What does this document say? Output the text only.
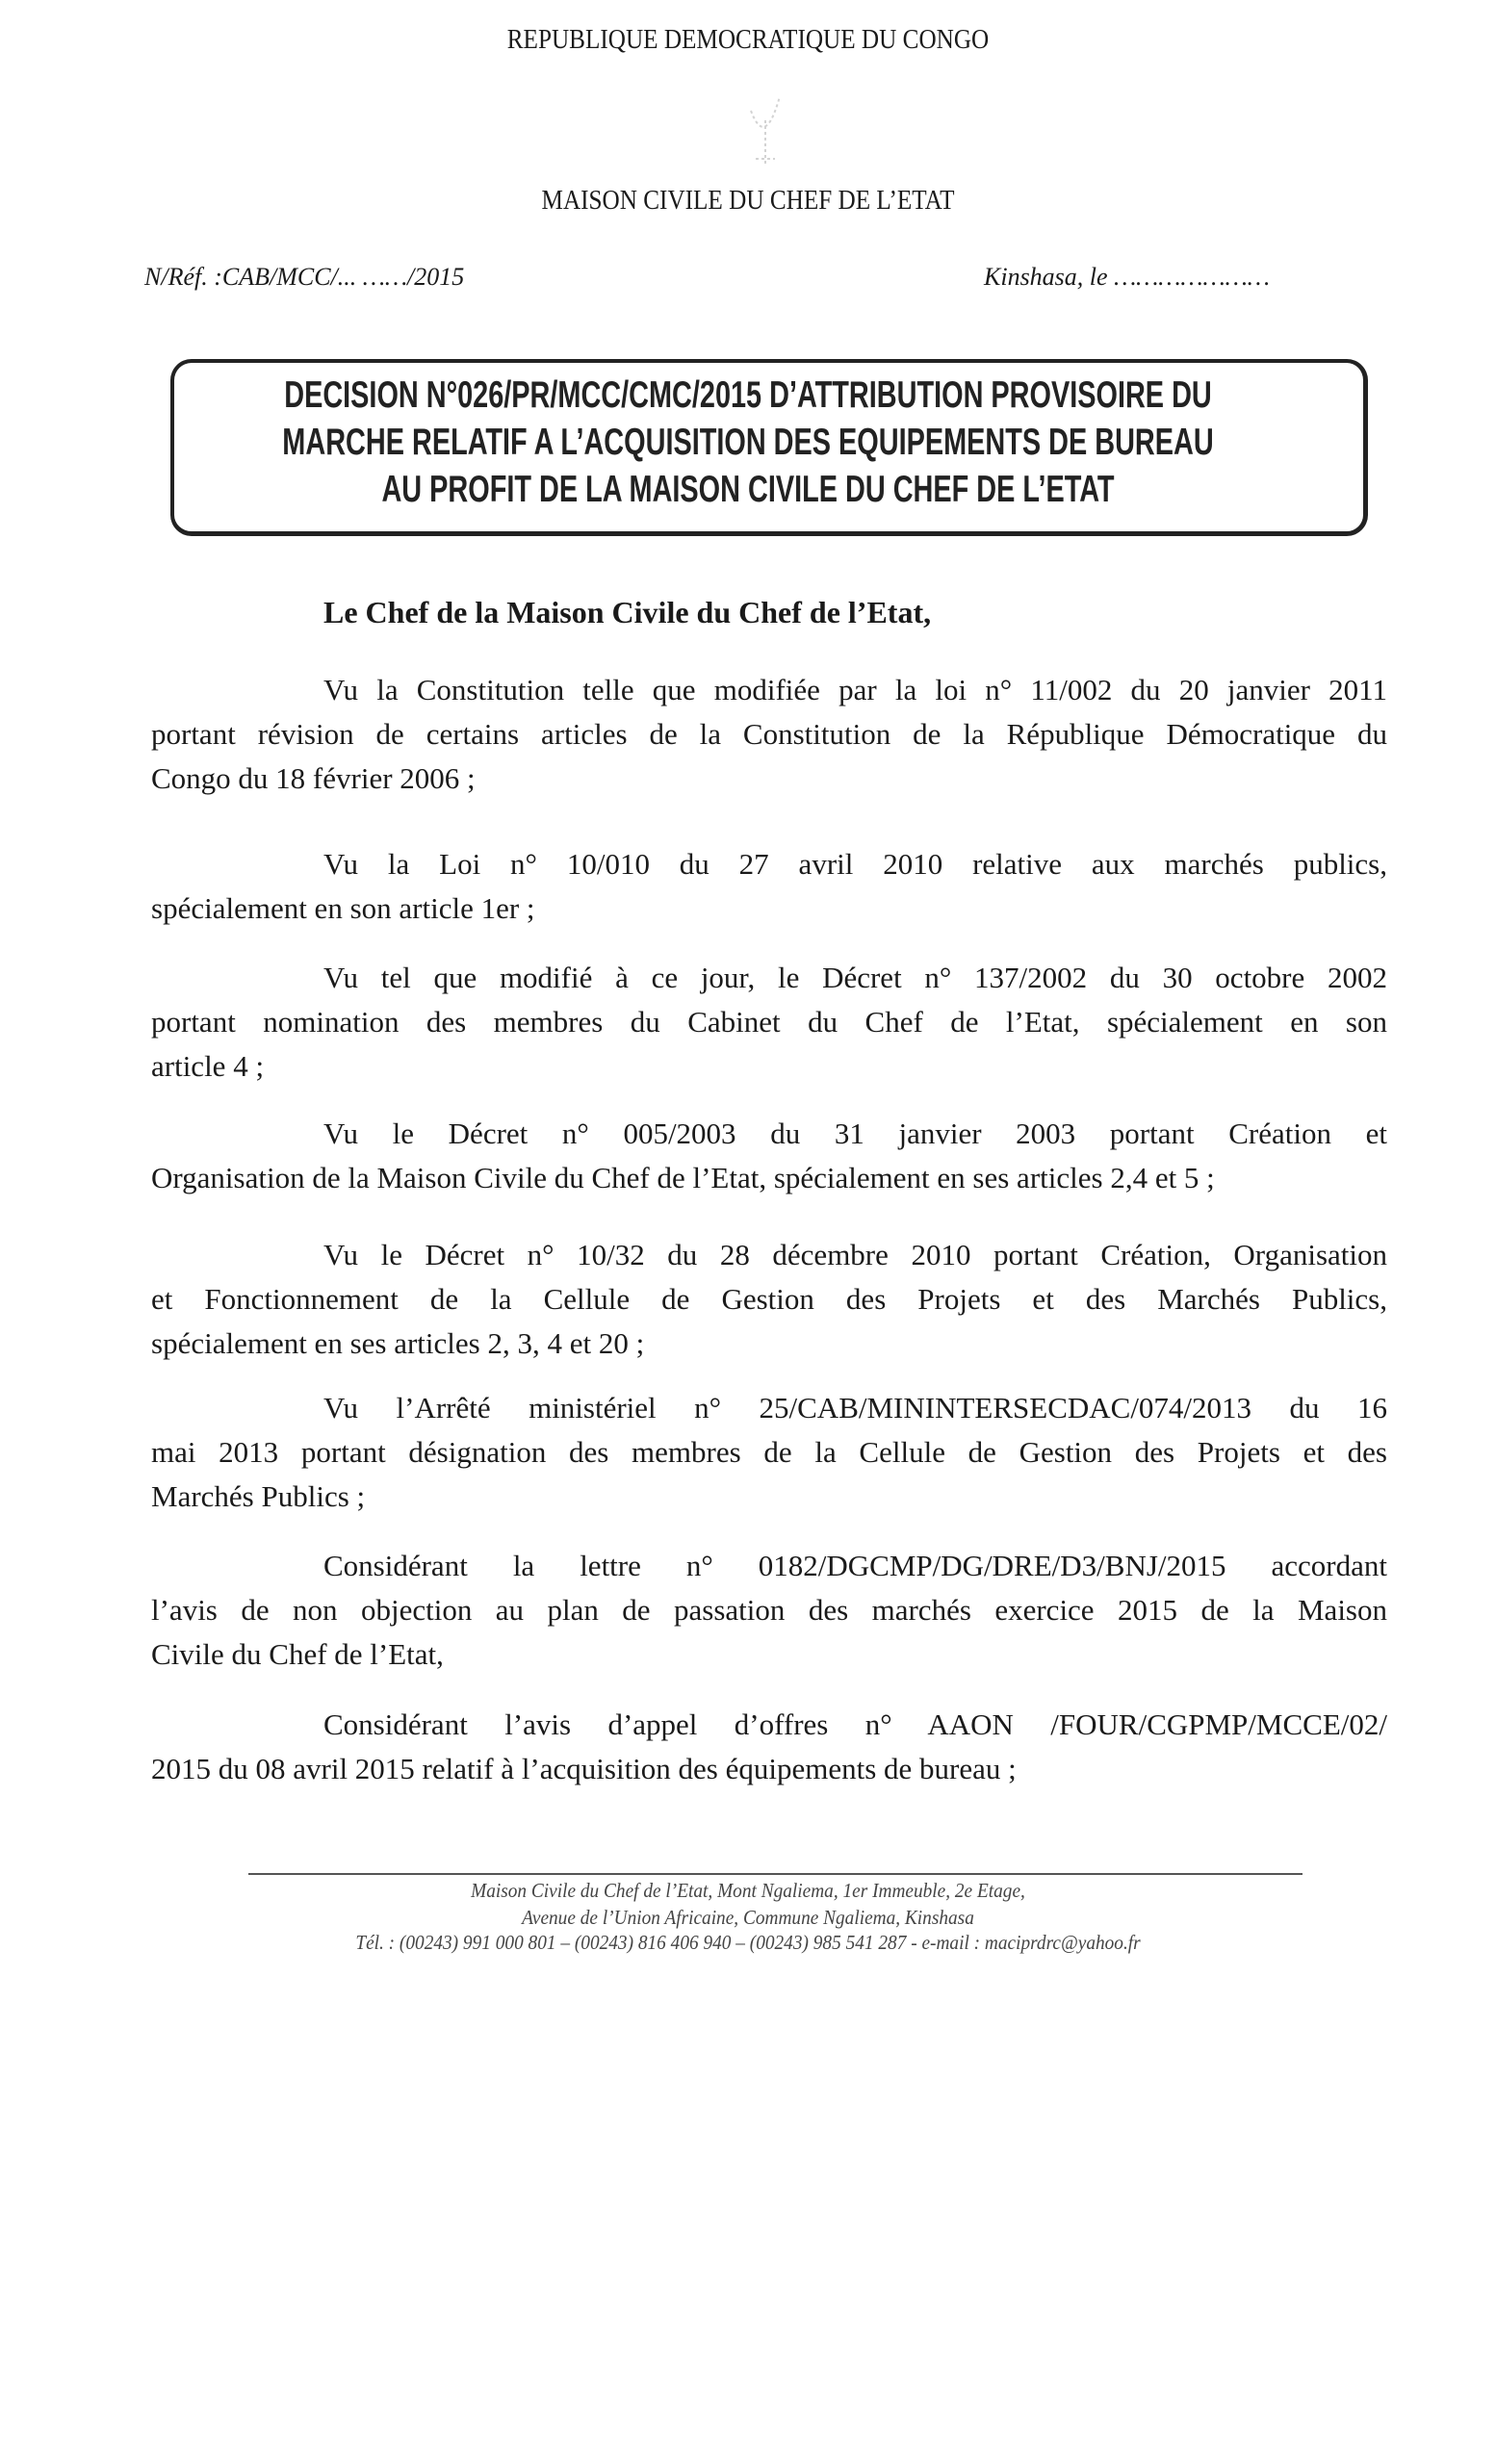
REPUBLIQUE DEMOCRATIQUE DU CONGO
MAISON CIVILE DU CHEF DE L’ETAT
N/Réf. :CAB/MCC/... ……/2015	Kinshasa, le …………………
DECISION N°026/PR/MCC/CMC/2015 D’ATTRIBUTION PROVISOIRE DU
MARCHE RELATIF A L’ACQUISITION DES EQUIPEMENTS DE BUREAU
AU PROFIT DE LA MAISON CIVILE DU CHEF DE L’ETAT
Le Chef de la Maison Civile du Chef de l’Etat,
Vu la Constitution telle que modifiée par la loi n° 11/002 du 20 janvier 2011
portant révision de certains articles de la Constitution de la République Démocratique du
Congo du 18 février 2006 ;
Vu la Loi n° 10/010 du 27 avril 2010 relative aux marchés publics,
spécialement en son article 1er ;
Vu tel que modifié à ce jour, le Décret n° 137/2002 du 30 octobre 2002
portant nomination des membres du Cabinet du Chef de l’Etat, spécialement en son
article 4 ;
Vu le Décret n° 005/2003 du 31 janvier 2003 portant Création et
Organisation de la Maison Civile du Chef de l’Etat, spécialement en ses articles 2,4 et 5 ;
Vu le Décret n° 10/32 du 28 décembre 2010 portant Création, Organisation
et Fonctionnement de la Cellule de Gestion des Projets et des Marchés Publics,
spécialement en ses articles 2, 3, 4 et 20 ;
Vu l’Arrêté ministériel n° 25/CAB/MININTERSECDAC/074/2013 du 16
mai 2013 portant désignation des membres de la Cellule de Gestion des Projets et des
Marchés Publics ;
Considérant la lettre n° 0182/DGCMP/DG/DRE/D3/BNJ/2015 accordant
l’avis de non objection au plan de passation des marchés exercice 2015 de la Maison
Civile du Chef de l’Etat,
Considérant l’avis d’appel d’offres n° AAON /FOUR/CGPMP/MCCE/02/
2015 du 08 avril 2015 relatif à l’acquisition des équipements de bureau ;
Maison Civile du Chef de l’Etat, Mont Ngaliema, 1er Immeuble, 2e Etage,
Avenue de l’Union Africaine, Commune Ngaliema, Kinshasa
Tél. : (00243) 991 000 801 – (00243) 816 406 940 – (00243) 985 541 287 - e-mail : maciprdrc@yahoo.fr
